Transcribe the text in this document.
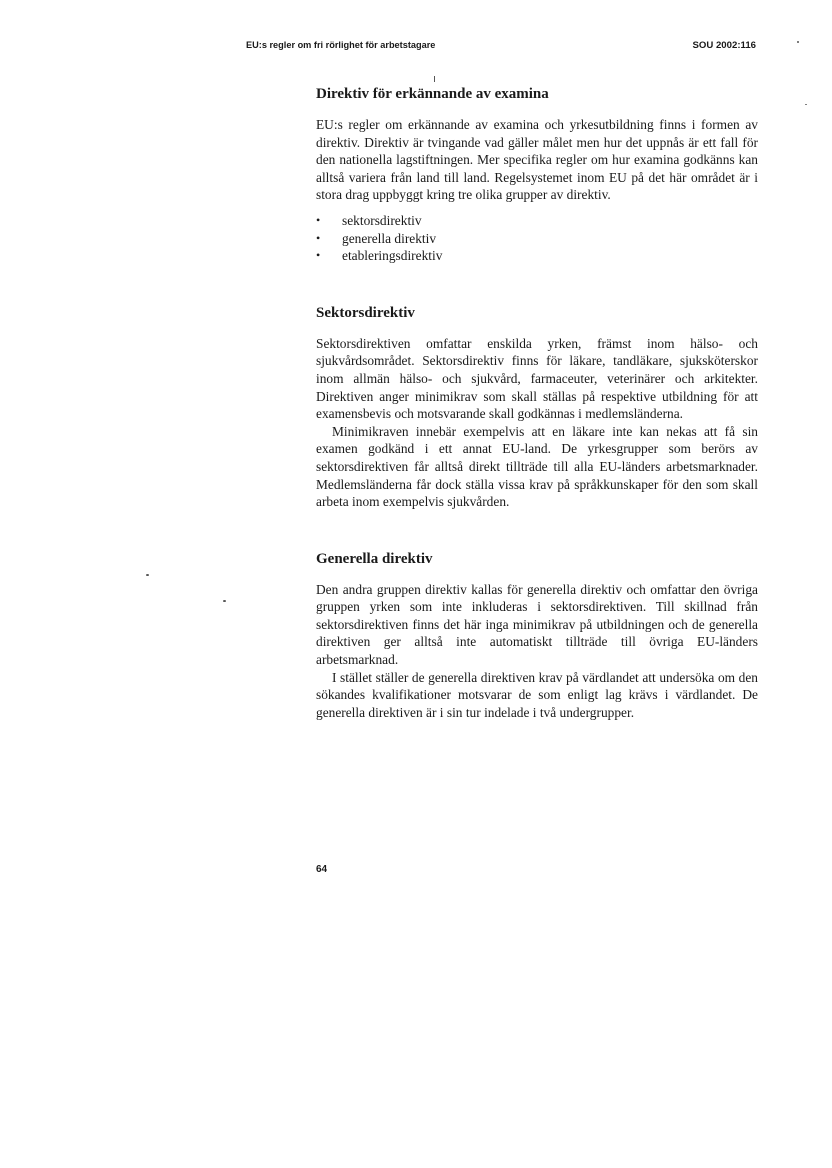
EU:s regler om fri rörlighet för arbetstagare	SOU 2002:116
Direktiv för erkännande av examina

EU:s regler om erkännande av examina och yrkesutbildning finns i formen av direktiv. Direktiv är tvingande vad gäller målet men hur det uppnås är ett fall för den nationella lagstiftningen. Mer specifika regler om hur examina godkänns kan alltså variera från land till land. Regelsystemet inom EU på det här området är i stora drag uppbyggt kring tre olika grupper av direktiv.

• sektorsdirektiv
• generella direktiv
• etableringsdirektiv
Sektorsdirektiv

Sektorsdirektiven omfattar enskilda yrken, främst inom hälso- och sjukvårdsområdet. Sektorsdirektiv finns för läkare, tandläkare, sjuksköterskor inom allmän hälso- och sjukvård, farmaceuter, veterinärer och arkitekter. Direktiven anger minimikrav som skall ställas på respektive utbildning för att examensbevis och motsvarande skall godkännas i medlemsländerna.

Minimikraven innebär exempelvis att en läkare inte kan nekas att få sin examen godkänd i ett annat EU-land. De yrkesgrupper som berörs av sektorsdirektiven får alltså direkt tillträde till alla EU-länders arbetsmarknader. Medlemsländerna får dock ställa vissa krav på språkkunskaper för den som skall arbeta inom exempelvis sjukvården.

Generella direktiv

Den andra gruppen direktiv kallas för generella direktiv och omfattar den övriga gruppen yrken som inte inkluderas i sektorsdirektiven. Till skillnad från sektorsdirektiven finns det här inga minimikrav på utbildningen och de generella direktiven ger alltså inte automatiskt tillträde till övriga EU-länders arbetsmarknad.

I stället ställer de generella direktiven krav på värdlandet att undersöka om den sökandes kvalifikationer motsvarar de som enligt lag krävs i värdlandet. De generella direktiven är i sin tur indelade i två undergrupper.

64
